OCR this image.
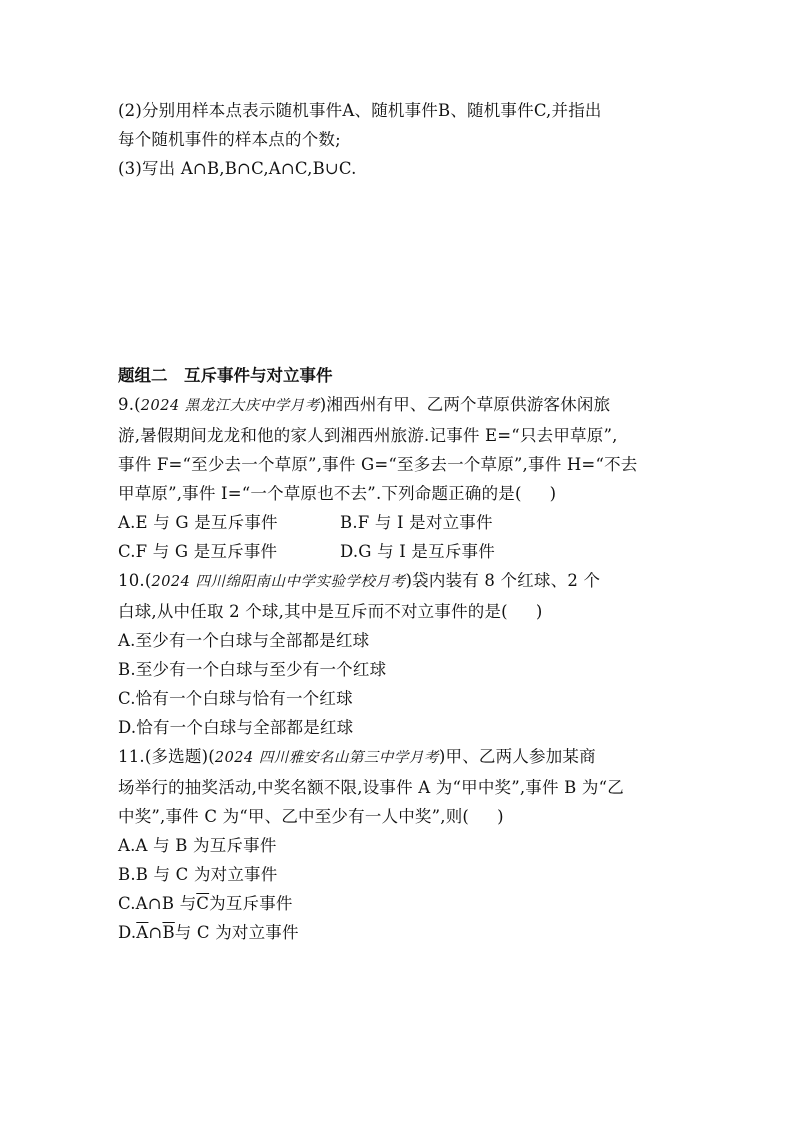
(2)分别用样本点表示随机事件A、随机事件B、随机事件C,并指出
每个随机事件的样本点的个数;
(3)写出 A∩B,B∩C,A∩C,B∪C.
题组二　互斥事件与对立事件
9.(2024 黑龙江大庆中学月考)湘西州有甲、乙两个草原供游客休闲旅
游,暑假期间龙龙和他的家人到湘西州旅游.记事件 E=“只去甲草原”,
事件 F=“至少去一个草原”,事件 G=“至多去一个草原”,事件 H=“不去
甲草原”,事件 I=“一个草原也不去”.下列命题正确的是( )
A.E 与 G 是互斥事件	B.F 与 I 是对立事件
C.F 与 G 是互斥事件	D.G 与 I 是互斥事件
10.(2024 四川绵阳南山中学实验学校月考)袋内装有 8 个红球、2 个
白球,从中任取 2 个球,其中是互斥而不对立事件的是( )
A.至少有一个白球与全部都是红球
B.至少有一个白球与至少有一个红球
C.恰有一个白球与恰有一个红球
D.恰有一个白球与全部都是红球
11.(多选题)(2024 四川雅安名山第三中学月考)甲、乙两人参加某商
场举行的抽奖活动,中奖名额不限,设事件 A 为“甲中奖”,事件 B 为“乙
中奖”,事件 C 为“甲、乙中至少有一人中奖”,则( )
A.A 与 B 为互斥事件
B.B 与 C 为对立事件
C.A∩B 与$\overline{C}$为互斥事件
$D.\overline{A}\cap\overline{B}$与 C 为对立事件
